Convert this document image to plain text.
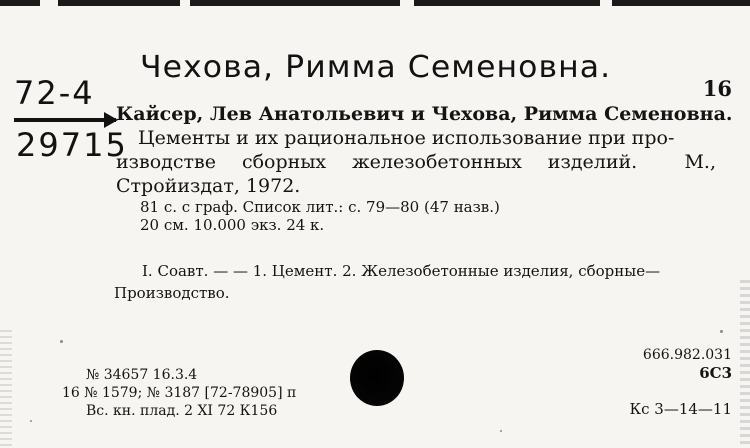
Чехова, Римма Семеновна.
72-4
29715
16
Кайсер, Лев Анатольевич и Чехова, Римма Семеновна.
Цементы и их рациональное использование при про-
изводстве сборных железобетонных изделий. М.,
Стройиздат, 1972.
81 с. с граф. Список лит.: с. 79—80 (47 назв.)
20 см. 10.000 экз. 24 к.
I. Соавт. — — 1. Цемент. 2. Железобетонные изделия, сборные—
Производство.
666.982.031
6С3
Кс 3—14—11
№ 34657 16.3.4
16 № 1579; № 3187 [72-78905] п
Вс. кн. плад. 2 XI 72 К156
